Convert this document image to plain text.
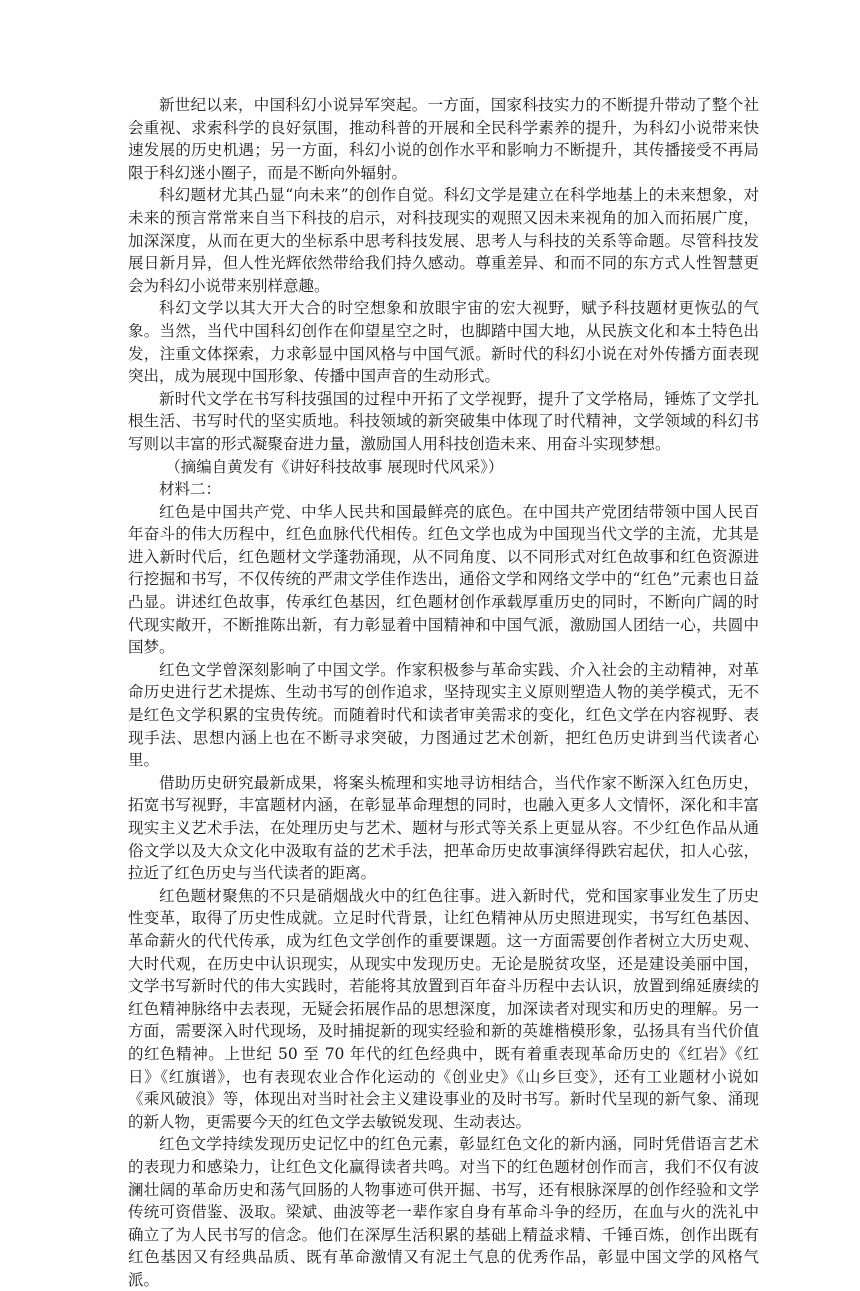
新世纪以来，中国科幻小说异军突起。一方面，国家科技实力的不断提升带动了整个社会重视、求索科学的良好氛围，推动科普的开展和全民科学素养的提升，为科幻小说带来快速发展的历史机遇；另一方面，科幻小说的创作水平和影响力不断提升，其传播接受不再局限于科幻迷小圈子，而是不断向外辐射。

科幻题材尤其凸显“向未来”的创作自觉。科幻文学是建立在科学地基上的未来想象，对未来的预言常常来自当下科技的启示，对科技现实的观照又因未来视角的加入而拓展广度，加深深度，从而在更大的坐标系中思考科技发展、思考人与科技的关系等命题。尽管科技发展日新月异，但人性光辉依然带给我们持久感动。尊重差异、和而不同的东方式人性智慧更会为科幻小说带来别样意趣。

科幻文学以其大开大合的时空想象和放眼宇宙的宏大视野，赋予科技题材更恢弘的气象。当然，当代中国科幻创作在仰望星空之时，也脚踏中国大地，从民族文化和本土特色出发，注重文体探索，力求彰显中国风格与中国气派。新时代的科幻小说在对外传播方面表现突出，成为展现中国形象、传播中国声音的生动形式。

新时代文学在书写科技强国的过程中开拓了文学视野，提升了文学格局，锤炼了文学扎根生活、书写时代的坚实质地。科技领域的新突破集中体现了时代精神，文学领域的科幻书写则以丰富的形式凝聚奋进力量，激励国人用科技创造未来、用奋斗实现梦想。

（摘编自黄发有《讲好科技故事 展现时代风采》）

材料二：

红色是中国共产党、中华人民共和国最鲜亮的底色。在中国共产党团结带领中国人民百年奋斗的伟大历程中，红色血脉代代相传。红色文学也成为中国现当代文学的主流，尤其是进入新时代后，红色题材文学蓬勃涌现，从不同角度、以不同形式对红色故事和红色资源进行挖掘和书写，不仅传统的严肃文学佳作迭出，通俗文学和网络文学中的“红色”元素也日益凸显。讲述红色故事，传承红色基因，红色题材创作承载厚重历史的同时，不断向广阔的时代现实敞开，不断推陈出新，有力彰显着中国精神和中国气派，激励国人团结一心，共圆中国梦。

红色文学曾深刻影响了中国文学。作家积极参与革命实践、介入社会的主动精神，对革命历史进行艺术提炼、生动书写的创作追求，坚持现实主义原则塑造人物的美学模式，无不是红色文学积累的宝贵传统。而随着时代和读者审美需求的变化，红色文学在内容视野、表现手法、思想内涵上也在不断寻求突破，力图通过艺术创新，把红色历史讲到当代读者心里。

借助历史研究最新成果，将案头梳理和实地寻访相结合，当代作家不断深入红色历史，拓宽书写视野，丰富题材内涵，在彰显革命理想的同时，也融入更多人文情怀，深化和丰富现实主义艺术手法，在处理历史与艺术、题材与形式等关系上更显从容。不少红色作品从通俗文学以及大众文化中汲取有益的艺术手法，把革命历史故事演绎得跌宕起伏，扣人心弦，拉近了红色历史与当代读者的距离。

红色题材聚焦的不只是硝烟战火中的红色往事。进入新时代，党和国家事业发生了历史性变革，取得了历史性成就。立足时代背景，让红色精神从历史照进现实，书写红色基因、革命薪火的代代传承，成为红色文学创作的重要课题。这一方面需要创作者树立大历史观、大时代观，在历史中认识现实，从现实中发现历史。无论是脱贫攻坚，还是建设美丽中国，文学书写新时代的伟大实践时，若能将其放置到百年奋斗历程中去认识，放置到绵延赓续的红色精神脉络中去表现，无疑会拓展作品的思想深度，加深读者对现实和历史的理解。另一方面，需要深入时代现场，及时捕捉新的现实经验和新的英雄楷模形象，弘扬具有当代价值的红色精神。上世纪 50 至 70 年代的红色经典中，既有着重表现革命历史的《红岩》《红日》《红旗谱》，也有表现农业合作化运动的《创业史》《山乡巨变》，还有工业题材小说如《乘风破浪》等，体现出对当时社会主义建设事业的及时书写。新时代呈现的新气象、涌现的新人物，更需要今天的红色文学去敏锐发现、生动表达。

红色文学持续发现历史记忆中的红色元素，彰显红色文化的新内涵，同时凭借语言艺术的表现力和感染力，让红色文化赢得读者共鸣。对当下的红色题材创作而言，我们不仅有波澜壮阔的革命历史和荡气回肠的人物事迹可供开掘、书写，还有根脉深厚的创作经验和文学传统可资借鉴、汲取。梁斌、曲波等老一辈作家自身有革命斗争的经历，在血与火的洗礼中确立了为人民书写的信念。他们在深厚生活积累的基础上精益求精、千锤百炼，创作出既有红色基因又有经典品质、既有革命激情又有泥土气息的优秀作品，彰显中国文学的风格气派。
